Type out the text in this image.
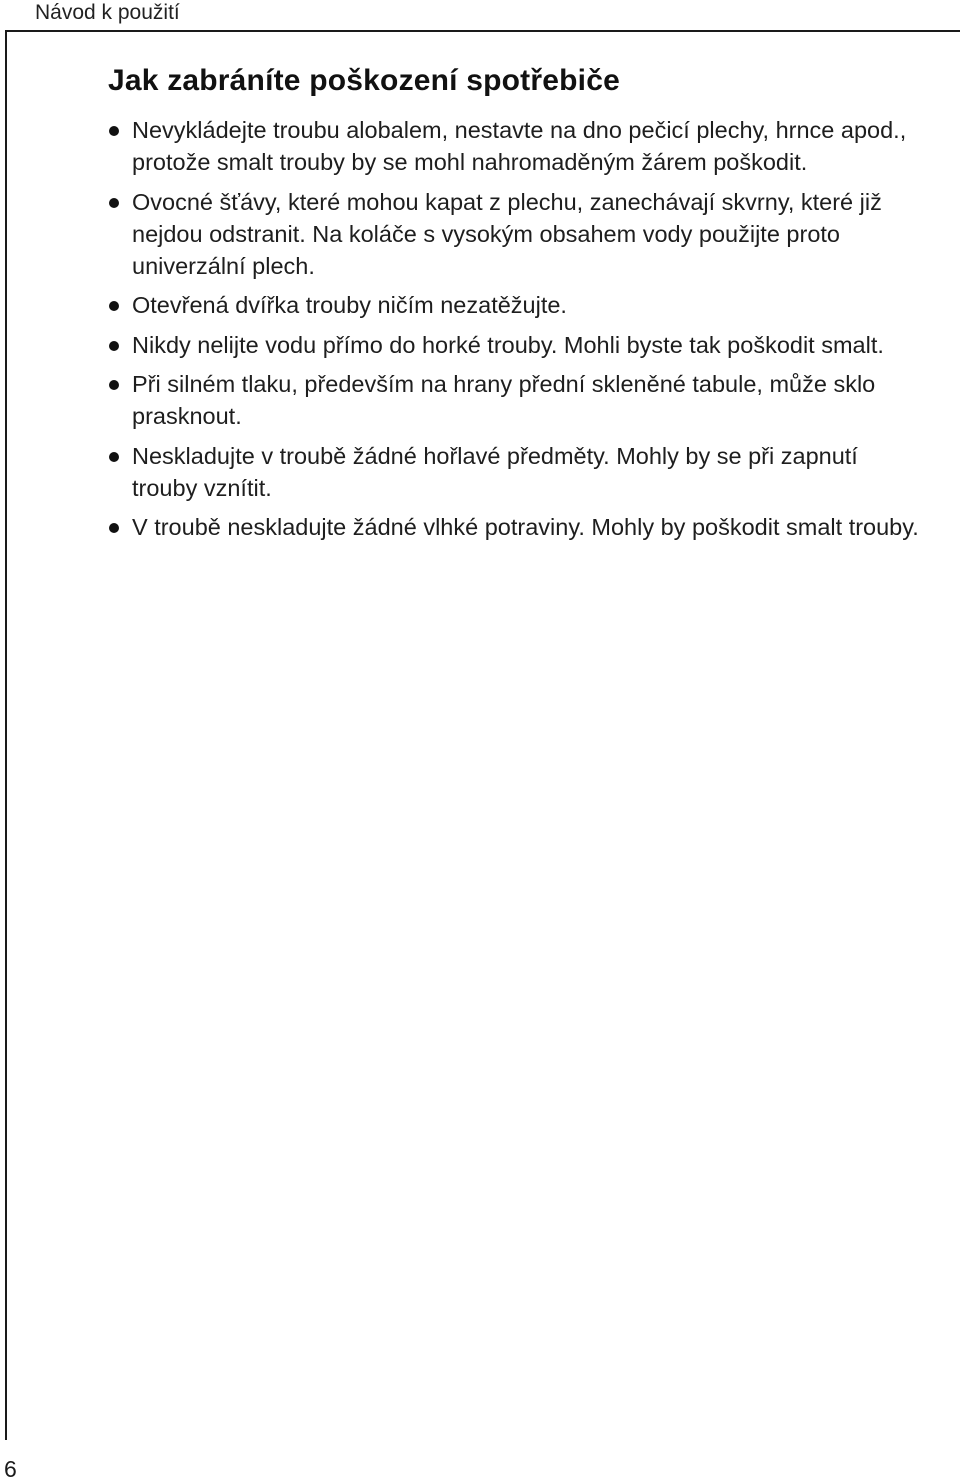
Návod k použití
Jak zabráníte poškození spotřebiče
Nevykládejte troubu alobalem, nestavte na dno pečicí plechy, hrnce apod., protože smalt trouby by se mohl nahromaděným žárem poškodit.
Ovocné šťávy, které mohou kapat z plechu, zanechávají skvrny, které již nejdou odstranit. Na koláče s vysokým obsahem vody použijte proto univerzální plech.
Otevřená dvířka trouby ničím nezatěžujte.
Nikdy nelijte vodu přímo do horké trouby. Mohli byste tak poškodit smalt.
Při silném tlaku, především na hrany přední skleněné tabule, může sklo prasknout.
Neskladujte v troubě žádné hořlavé předměty. Mohly by se při zapnutí trouby vznítit.
V troubě neskladujte žádné vlhké potraviny. Mohly by poškodit smalt trouby.
6
